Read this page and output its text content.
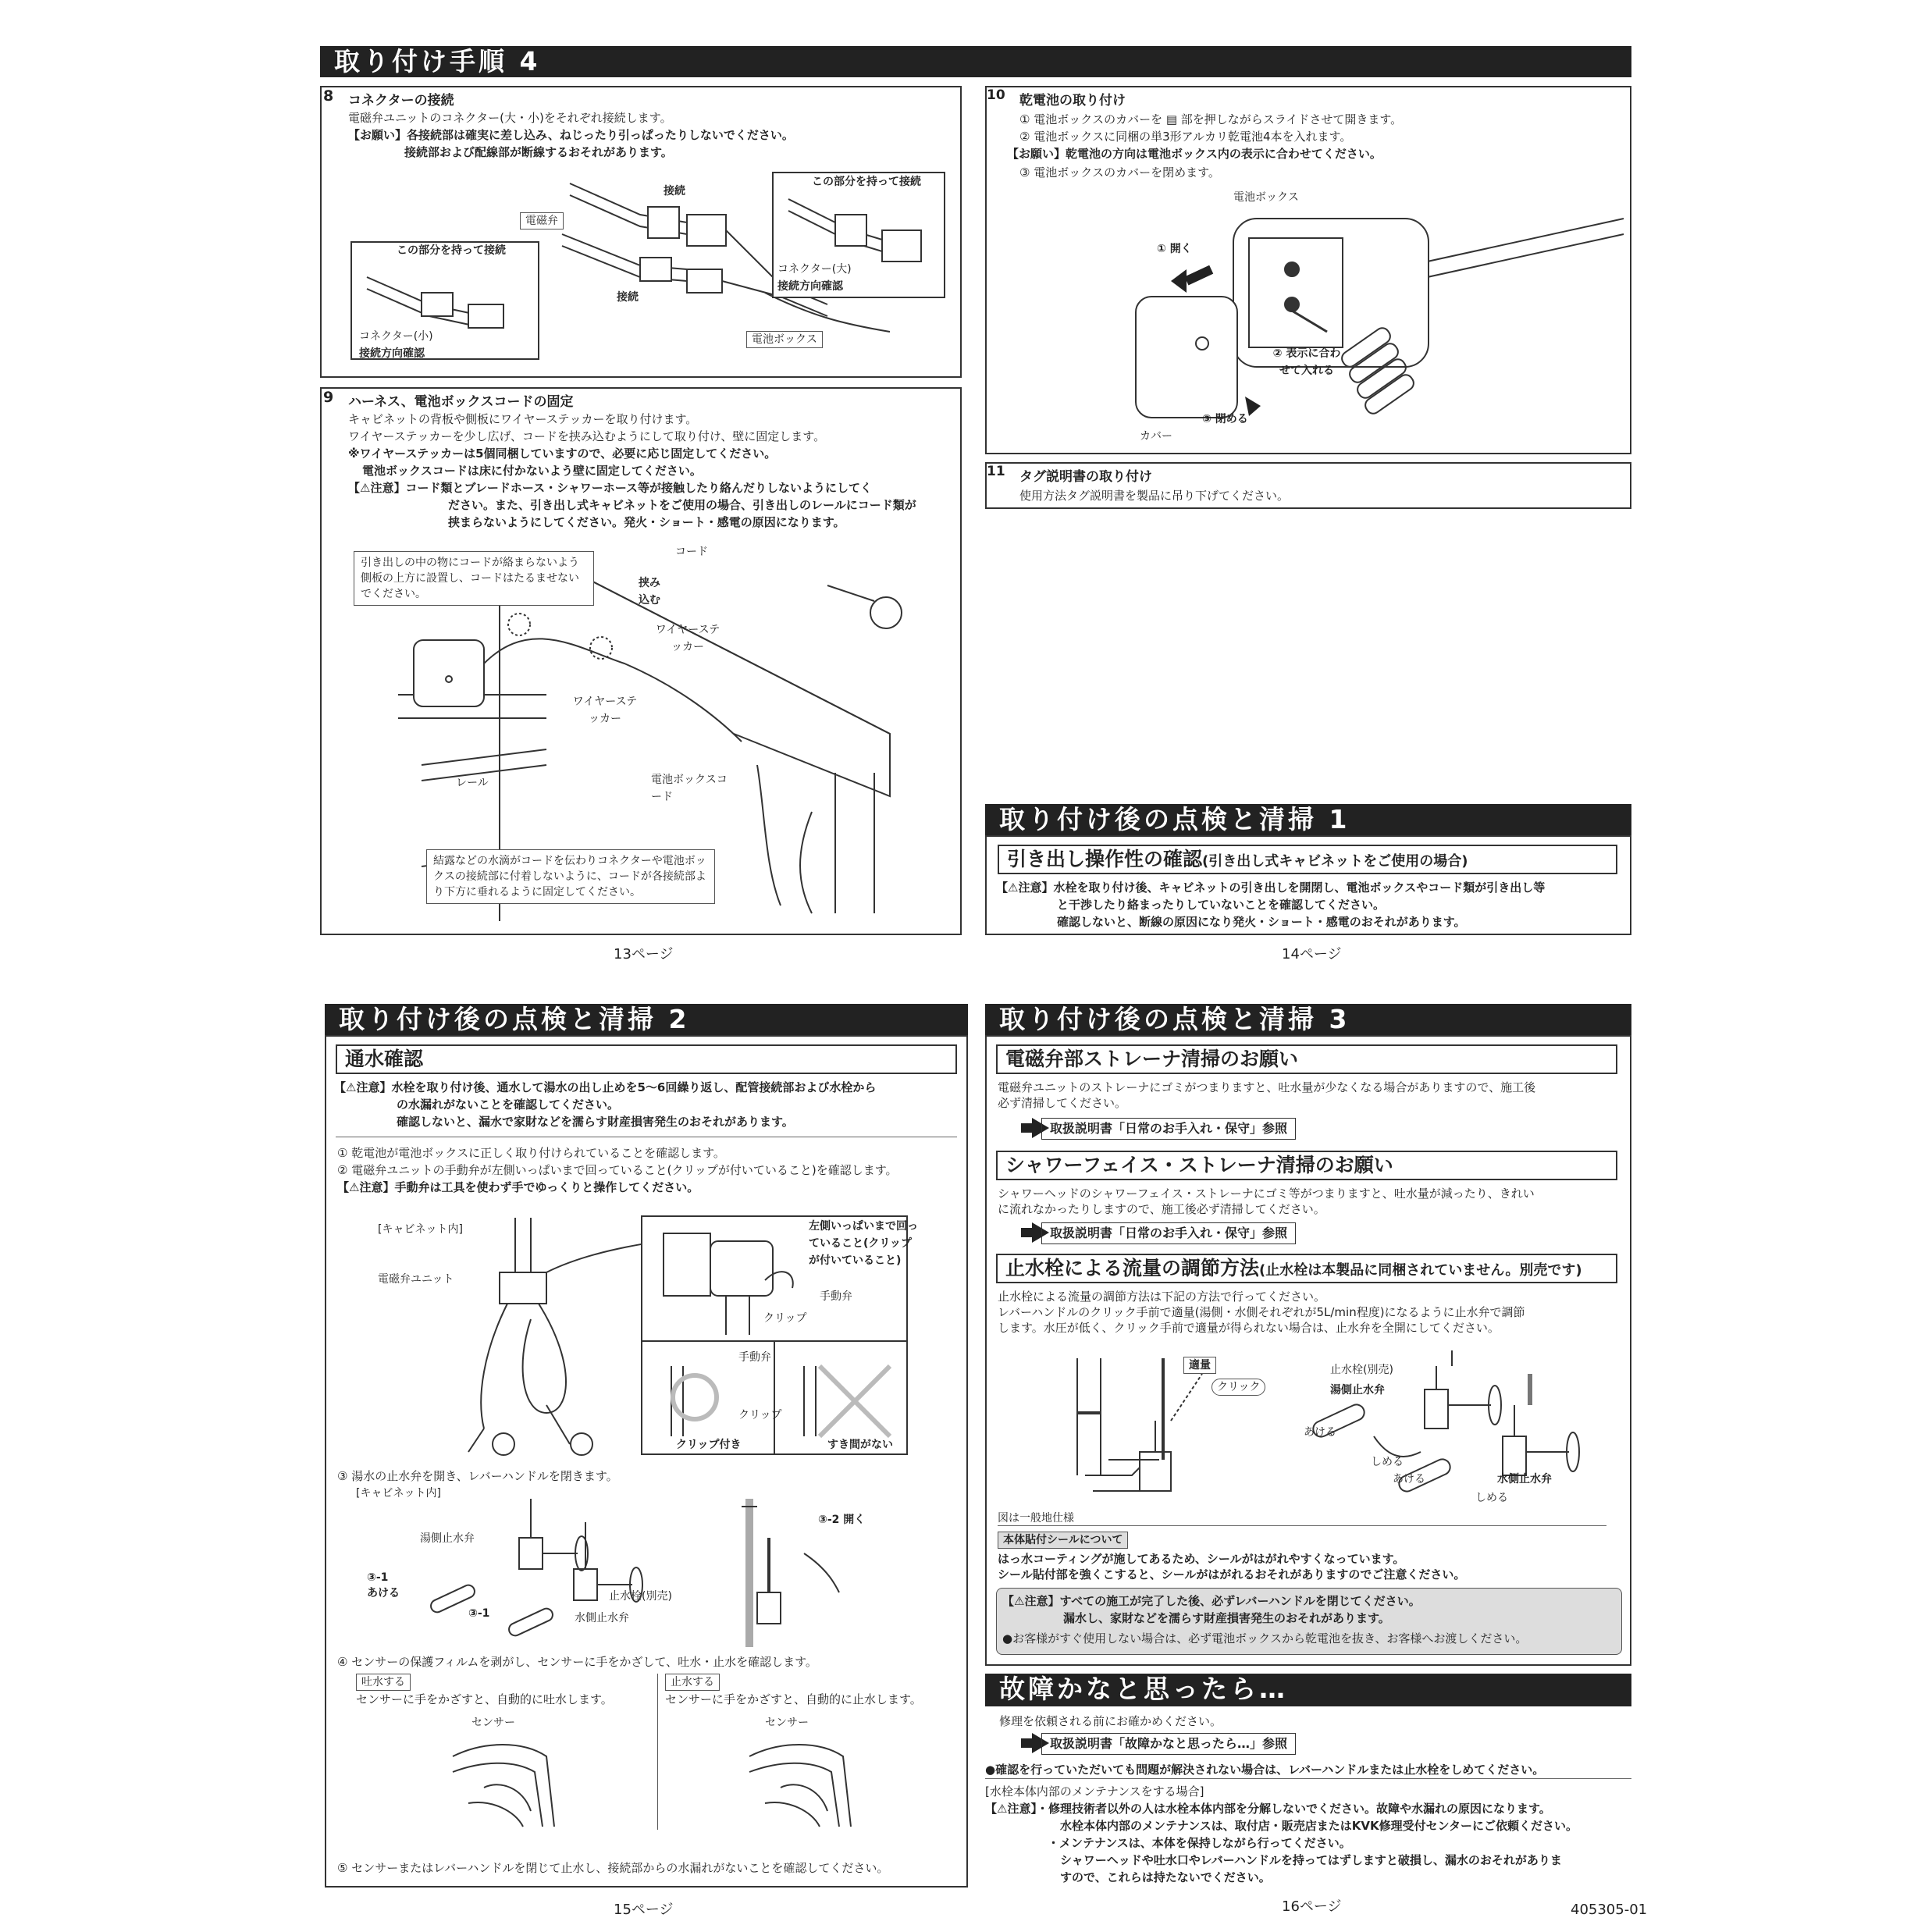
取り付け手順 4
8 コネクターの接続
電磁弁ユニットのコネクター(大・小)をそれぞれ接続します。
【お願い】各接続部は確実に差し込み、ねじったり引っぱったりしないでください。
接続部および配線部が断線するおそれがあります。
接続
接続
電磁弁
この部分を持って接続
この部分を持って接続
コネクター(大)
接続方向確認
コネクター(小)
接続方向確認
電池ボックス
9 ハーネス、電池ボックスコードの固定
キャビネットの背板や側板にワイヤーステッカーを取り付けます。
ワイヤーステッカーを少し広げ、コードを挟み込むようにして取り付け、壁に固定します。
※ワイヤーステッカーは5個同梱していますので、必要に応じ固定してください。
電池ボックスコードは床に付かないよう壁に固定してください。
【⚠注意】コード類とブレードホース・シャワーホース等が接触したり絡んだりしないようにしてく
ださい。また、引き出し式キャビネットをご使用の場合、引き出しのレールにコード類が
挟まらないようにしてください。発火・ショート・感電の原因になります。
引き出しの中の物にコードが絡まらないよう側板の上方に設置し、コードはたるませないでください。
コード
挟み込む
ワイヤーステッカー
ワイヤーステッカー
レール	電池ボックスコード
結露などの水滴がコードを伝わりコネクターや電池ボックスの接続部に付着しないように、コードが各接続部より下方に垂れるように固定してください。
13ページ
10 乾電池の取り付け
① 電池ボックスのカバーを ▤ 部を押しながらスライドさせて開きます。
② 電池ボックスに同梱の単3形アルカリ乾電池4本を入れます。
【お願い】乾電池の方向は電池ボックス内の表示に合わせてください。
③ 電池ボックスのカバーを閉めます。
電池ボックス
① 開く
② 表示に合わせて入れる
③ 閉める
カバー
11 タグ説明書の取り付け
使用方法タグ説明書を製品に吊り下げてください。
取り付け後の点検と清掃 1
引き出し操作性の確認(引き出し式キャビネットをご使用の場合)
【⚠注意】水栓を取り付け後、キャビネットの引き出しを開閉し、電池ボックスやコード類が引き出し等
と干渉したり絡まったりしていないことを確認してください。
確認しないと、断線の原因になり発火・ショート・感電のおそれがあります。
14ページ
取り付け後の点検と清掃 2
通水確認
【⚠注意】水栓を取り付け後、通水して湯水の出し止めを5～6回繰り返し、配管接続部および水栓から
の水漏れがないことを確認してください。
確認しないと、漏水で家財などを濡らす財産損害発生のおそれがあります。
① 乾電池が電池ボックスに正しく取り付けられていることを確認します。
② 電磁弁ユニットの手動弁が左側いっぱいまで回っていること(クリップが付いていること)を確認します。
【⚠注意】手動弁は工具を使わず手でゆっくりと操作してください。
[キャビネット内]
電磁弁ユニット
左側いっぱいまで回っていること(クリップが付いていること)
手動弁
クリップ
手動弁
クリップ
クリップ付き	すき間がない
③ 湯水の止水弁を開き、レバーハンドルを閉きます。
[キャビネット内]
湯側止水弁
③-1
あける
③-1
止水栓(別売)
水側止水弁
③-2 開く
④ センサーの保護フィルムを剥がし、センサーに手をかざして、吐水・止水を確認します。
吐水する
センサーに手をかざすと、自動的に吐水します。
止水する
センサーに手をかざすと、自動的に止水します。
センサー	センサー
⑤ センサーまたはレバーハンドルを閉じて止水し、接続部からの水漏れがないことを確認してください。
15ページ
取り付け後の点検と清掃 3
電磁弁部ストレーナ清掃のお願い
電磁弁ユニットのストレーナにゴミがつまりますと、吐水量が少なくなる場合がありますので、施工後
必ず清掃してください。
取扱説明書「日常のお手入れ・保守」参照
シャワーフェイス・ストレーナ清掃のお願い
シャワーヘッドのシャワーフェイス・ストレーナにゴミ等がつまりますと、吐水量が減ったり、きれい
に流れなかったりしますので、施工後必ず清掃してください。
取扱説明書「日常のお手入れ・保守」参照
止水栓による流量の調節方法(止水栓は本製品に同梱されていません。別売です)
止水栓による流量の調節方法は下記の方法で行ってください。
レバーハンドルのクリック手前で適量(湯側・水側それぞれが5L/min程度)になるように止水弁で調節
します。水圧が低く、クリック手前で適量が得られない場合は、止水弁を全開にしてください。
適量
クリック
止水栓(別売)
湯側止水弁
あける
しめる
あける	水側止水弁
しめる
図は一般地仕様
本体貼付シールについて
はっ水コーティングが施してあるため、シールがはがれやすくなっています。
シール貼付部を強くこすると、シールがはがれるおそれがありますのでご注意ください。
【⚠注意】すべての施工が完了した後、必ずレバーハンドルを閉じてください。
漏水し、家財などを濡らす財産損害発生のおそれがあります。
●お客様がすぐ使用しない場合は、必ず電池ボックスから乾電池を抜き、お客様へお渡しください。
故障かなと思ったら…
修理を依頼される前にお確かめください。
取扱説明書「故障かなと思ったら…」参照
●確認を行っていただいても問題が解決されない場合は、レバーハンドルまたは止水栓をしめてください。
[水栓本体内部のメンテナンスをする場合]
【⚠注意】・修理技術者以外の人は水栓本体内部を分解しないでください。故障や水漏れの原因になります。
水栓本体内部のメンテナンスは、取付店・販売店またはKVK修理受付センターにご依頼ください。
・メンテナンスは、本体を保持しながら行ってください。
シャワーヘッドや吐水口やレバーハンドルを持ってはずしますと破損し、漏水のおそれがありま
すので、これらは持たないでください。
16ページ	405305-01
